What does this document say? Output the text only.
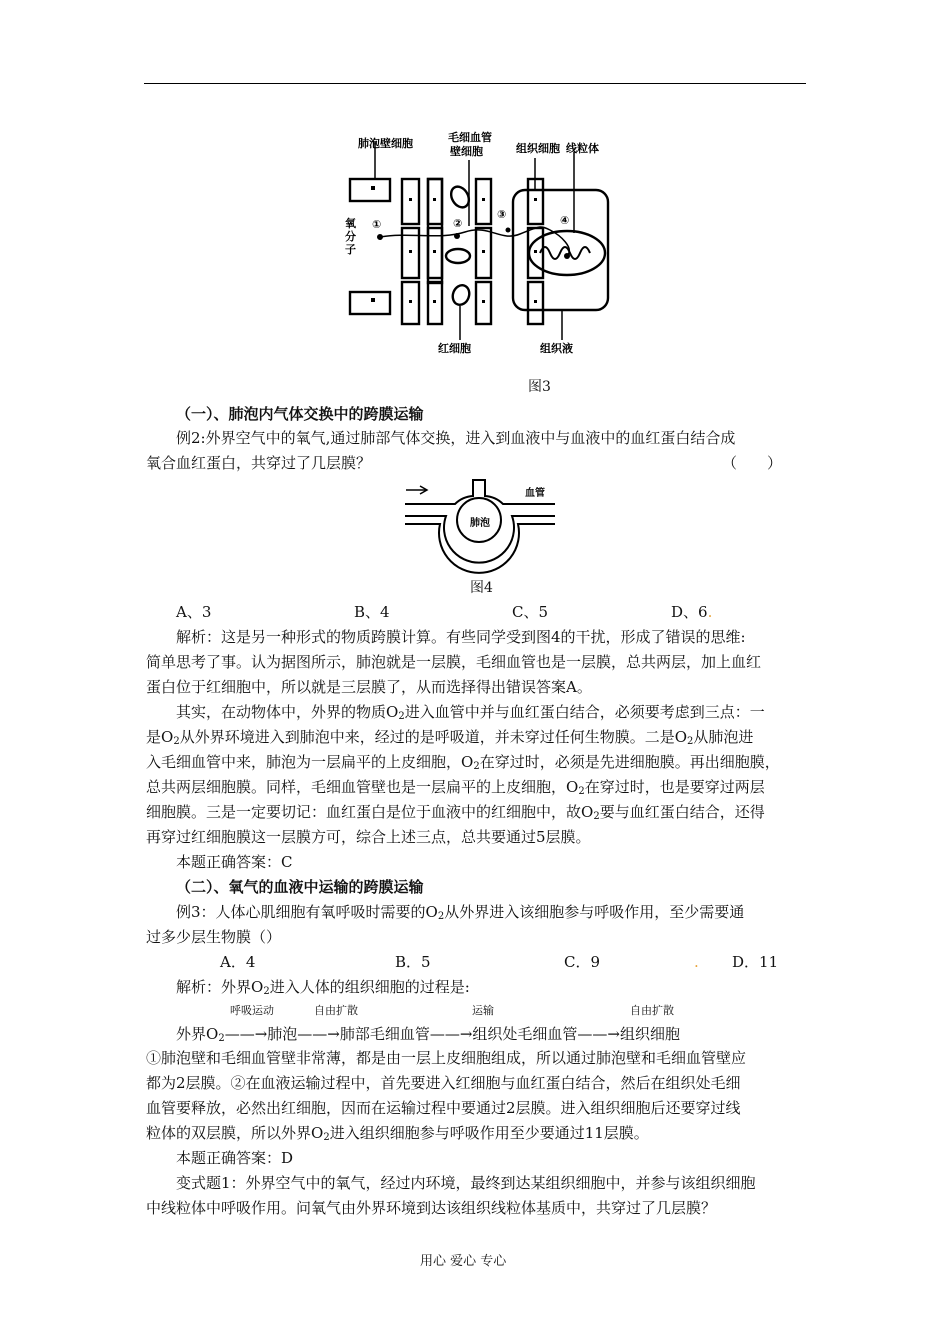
肺泡壁细胞	毛细血管
壁细胞	组织细胞 线粒体
氧
分
子
①	②
③	④
红细胞	组织液
图3
（一）、肺泡内气体交换中的跨膜运输
例2:外界空气中的氧气,通过肺部气体交换，进入到血液中与血液中的血红蛋白结合成
氧合血红蛋白，共穿过了几层膜？	（　　）
肺泡
血管
图4
A、3	B、4	C、5	D、6.
解析：这是另一种形式的物质跨膜计算。有些同学受到图4的干扰，形成了错误的思维:
简单思考了事。认为据图所示，肺泡就是一层膜，毛细血管也是一层膜，总共两层，加上血红
蛋白位于红细胞中，所以就是三层膜了，从而选择得出错误答案A。
其实，在动物体中，外界的物质$O_2$进入血管中并与血红蛋白结合，必须要考虑到三点：一
是$O_2$从外界环境进入到肺泡中来，经过的是呼吸道，并未穿过任何生物膜。二是$O_2$从肺泡进
入毛细血管中来，肺泡为一层扁平的上皮细胞，$O_2$在穿过时，必须是先进细胞膜。再出细胞膜，
总共两层细胞膜。同样，毛细血管壁也是一层扁平的上皮细胞，$O_2$在穿过时，也是要穿过两层
细胞膜。三是一定要切记：血红蛋白是位于血液中的红细胞中，故$O_2$要与血红蛋白结合，还得
再穿过红细胞膜这一层膜方可，综合上述三点，总共要通过5层膜。
本题正确答案：C
（二）、氧气的血液中运输的跨膜运输
例3：人体心肌细胞有氧呼吸时需要的$O_2$从外界进入该细胞参与呼吸作用，至少需要通
过多少层生物膜（）
A．4	B．5	C．9	. D．11
解析：外界$O_2$进入人体的组织细胞的过程是:
呼吸运动	自由扩散	运输	自由扩散
外界$O_2——\to$肺泡——→肺部毛细血管——→组织处毛细血管——→组织细胞
①肺泡壁和毛细血管壁非常薄，都是由一层上皮细胞组成，所以通过肺泡壁和毛细血管壁应
都为2层膜。②在血液运输过程中，首先要进入红细胞与血红蛋白结合，然后在组织处毛细
血管要释放，必然出红细胞，因而在运输过程中要通过2层膜。进入组织细胞后还要穿过线
粒体的双层膜，所以外界$O_2$进入组织细胞参与呼吸作用至少要通过11层膜。
本题正确答案：D
变式题1：外界空气中的氧气，经过内环境，最终到达某组织细胞中，并参与该组织细胞
中线粒体中呼吸作用。问氧气由外界环境到达该组织线粒体基质中，共穿过了几层膜？
用心 爱心 专心
